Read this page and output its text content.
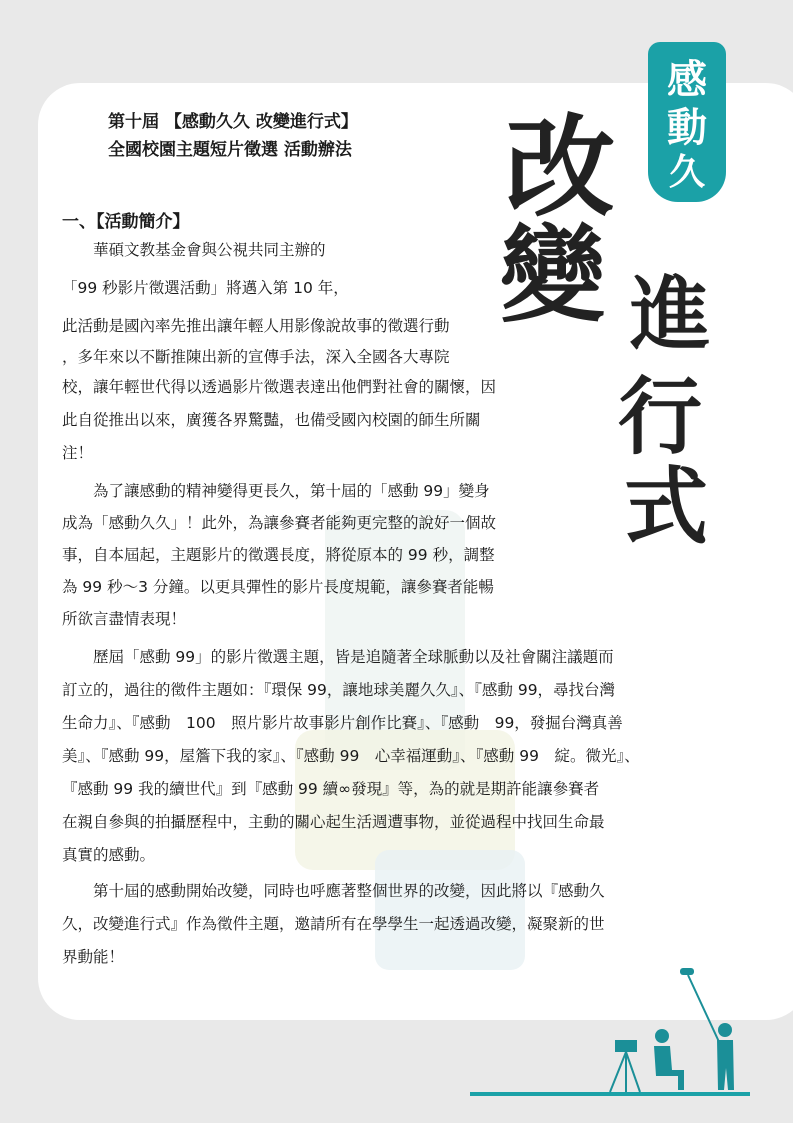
感
動
久
改
變 進
行
式
第十屆 【感動久久 改變進行式】
全國校園主題短片徵選 活動辦法
一、【活動簡介】
　　華碩文教基金會與公視共同主辦的
「99 秒影片徵選活動」將邁入第 10 年，
此活動是國內率先推出讓年輕人用影像說故事的徵選行動
，多年來以不斷推陳出新的宣傳手法，深入全國各大專院
校，讓年輕世代得以透過影片徵選表達出他們對社會的關懷，因
此自從推出以來，廣獲各界驚豔，也備受國內校園的師生所關
注！
　　為了讓感動的精神變得更長久，第十屆的「感動 99」變身
成為「感動久久」！此外，為讓參賽者能夠更完整的說好一個故
事，自本屆起，主題影片的徵選長度，將從原本的 99 秒，調整
為 99 秒～3 分鐘。以更具彈性的影片長度規範，讓參賽者能暢
所欲言盡情表現！
　　歷屆「感動 99」的影片徵選主題，皆是追隨著全球脈動以及社會關注議題而
訂立的，過往的徵件主題如：『環保 99，讓地球美麗久久』、『感動 99，尋找台灣
生命力』、『感動　100　照片影片故事影片創作比賽』、『感動　99，發掘台灣真善
美』、『感動 99，屋簷下我的家』、『感動 99　心幸福運動』、『感動 99　綻。微光』、
『感動 99 我的續世代』到『感動 99 續∞發現』等，為的就是期許能讓參賽者
在親自參與的拍攝歷程中，主動的關心起生活週遭事物，並從過程中找回生命最
真實的感動。
　　第十屆的感動開始改變，同時也呼應著整個世界的改變，因此將以『感動久
久，改變進行式』作為徵件主題，邀請所有在學學生一起透過改變，凝聚新的世
界動能！
